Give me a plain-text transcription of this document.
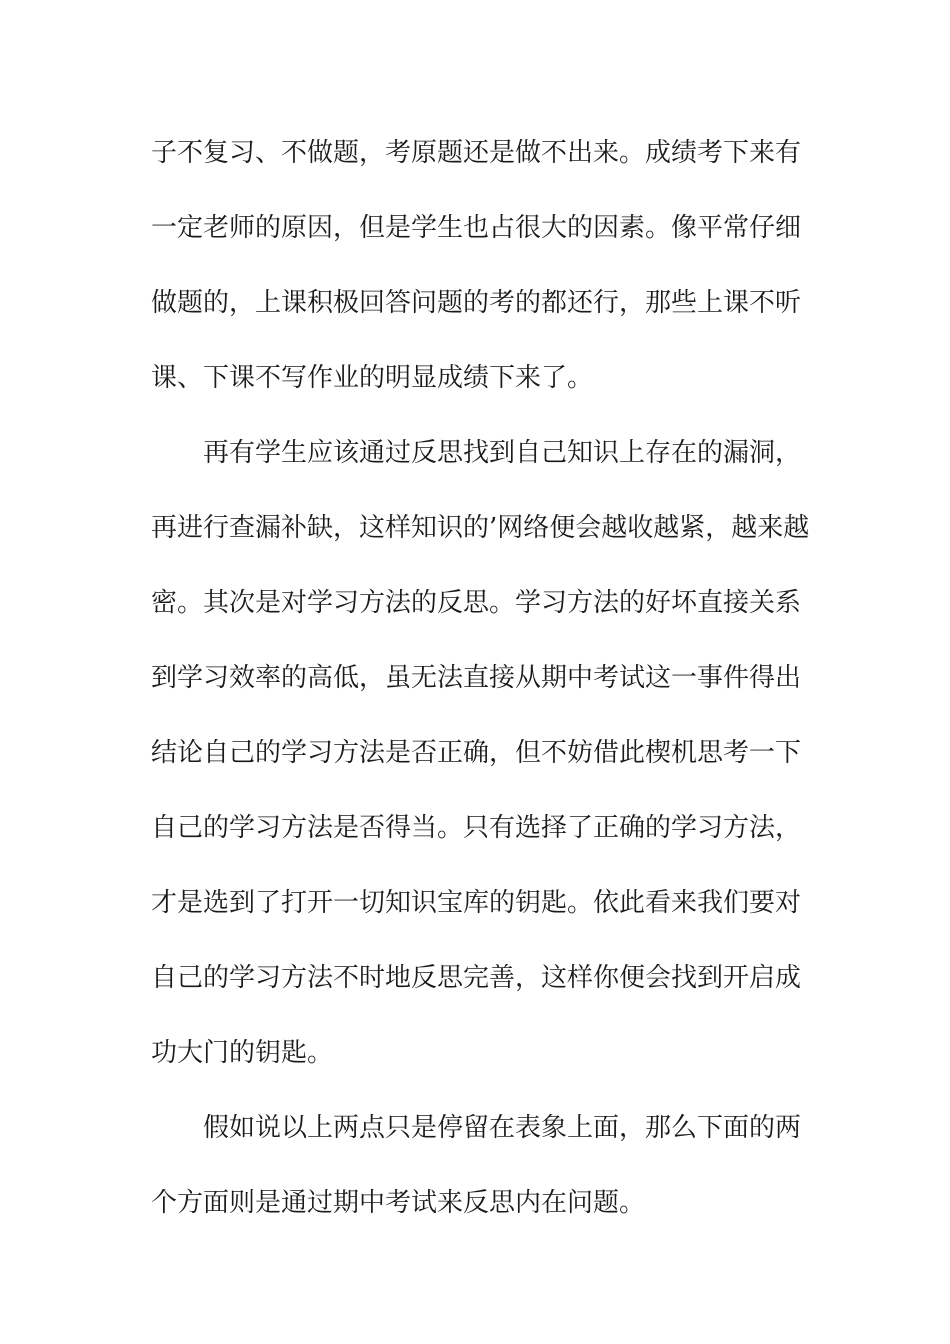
子不复习、不做题，考原题还是做不出来。成绩考下来有
一定老师的原因，但是学生也占很大的因素。像平常仔细
做题的，上课积极回答问题的考的都还行，那些上课不听
课、下课不写作业的明显成绩下来了。
再有学生应该通过反思找到自己知识上存在的漏洞，
再进行查漏补缺，这样知识的’网络便会越收越紧，越来越
密。其次是对学习方法的反思。学习方法的好坏直接关系
到学习效率的高低，虽无法直接从期中考试这一事件得出
结论自己的学习方法是否正确，但不妨借此楔机思考一下
自己的学习方法是否得当。只有选择了正确的学习方法，
才是选到了打开一切知识宝库的钥匙。依此看来我们要对
自己的学习方法不时地反思完善，这样你便会找到开启成
功大门的钥匙。
假如说以上两点只是停留在表象上面，那么下面的两
个方面则是通过期中考试来反思内在问题。
